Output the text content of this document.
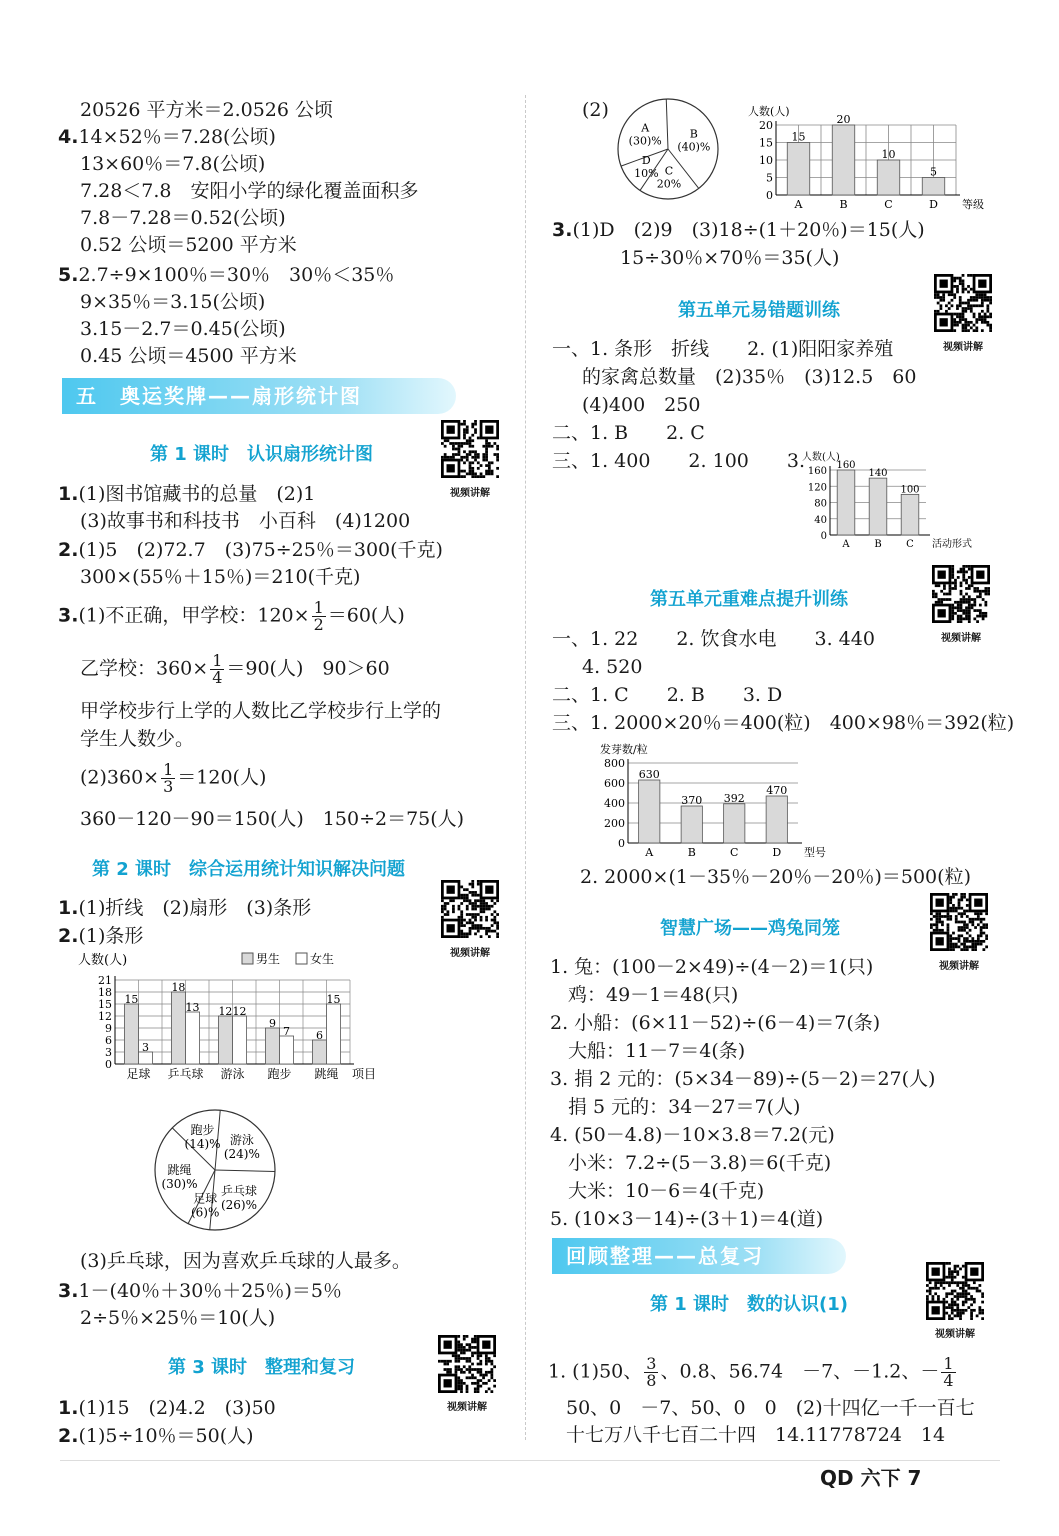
20526 平方米＝2.0526 公顷
4.14×52％＝7.28(公顷)
13×60％＝7.8(公顷)
7.28＜7.8　安阳小学的绿化覆盖面积多
7.8－7.28＝0.52(公顷)
0.52 公顷＝5200 平方米
5.2.7÷9×100％＝30％　30％＜35％
9×35％＝3.15(公顷)
3.15－2.7＝0.45(公顷)
0.45 公顷＝4500 平方米
五　奥运奖牌——扇形统计图
第 1 课时　认识扇形统计图
视频讲解
1.(1)图书馆藏书的总量　(2)1
(3)故事书和科技书　小百科　(4)1200
2.(1)5　(2)72.7　(3)75÷25％＝300(千克)
300×(55％＋15％)＝210(千克)
3.(1)不正确，甲学校：$120\times \frac{1}{2} =60$(人)
乙学校：$360\times \frac{1}{4} =90$(人)　90＞60
甲学校步行上学的人数比乙学校步行上学的
学生人数少。
$(2)360\times \frac{1}{3} =120$(人)
360－120－90＝150(人)　150÷2＝75(人)
第 2 课时　综合运用统计知识解决问题
1.(1)折线　(2)扇形　(3)条形
视频讲解
2.(1)条形
人数(人)	男生 女生
0
3
6
9
12
15
18
21
15
3
足球
18
13
乒乓球
12 12
游泳
9
7
跑步
6
15
跳绳 项目
游泳
(24)%
乒乓球
(26)%
足球
(6)%
跳绳
(30)%
跑步
(14)%
(3)乒乓球，因为喜欢乒乓球的人最多。
3.1－(40％＋30％＋25％)＝5％
2÷5％×25％＝10(人)
第 3 课时　整理和复习
视频讲解
1.(1)15　(2)4.2　(3)50
2.(1)5÷10％＝50(人)
(2)
A
(30)%
B
(40)%
C
20%
D
10%
人数(人)
0
5
10
15
20
15
A
20
B
10
C
5
D 等级
3.(1)D　(2)9　(3)18÷(1＋20％)＝15(人)
15÷30％×70％＝35(人)
第五单元易错题训练
视频讲解
一、1. 条形　折线　　2. (1)阳阳家养殖
的家禽总数量　(2)35％　(3)12.5　60
(4)400　250
二、1. B　　2. C
三、1. 400　　2. 100　　3.
人数(人)
0
40
80
120
160
160
A
140
B
100
C 活动形式
第五单元重难点提升训练
视频讲解
一、1. 22　　2. 饮食水电　　3. 440
4. 520
二、1. C　　2. B　　3. D
三、1. 2000×20％＝400(粒)　400×98％＝392(粒)
发芽数/粒
0
200
400
600
800
630
A
370
B
392
C
470
D 型号
2. 2000×(1－35％－20％－20％)＝500(粒)
智慧广场——鸡兔同笼
视频讲解
1. 兔：(100－2×49)÷(4－2)＝1(只)
鸡：49－1＝48(只)
2. 小船：(6×11－52)÷(6－4)＝7(条)
大船：11－7＝4(条)
3. 捐 2 元的：(5×34－89)÷(5－2)＝27(人)
捐 5 元的：34－27＝7(人)
4. (50－4.8)－10×3.8＝7.2(元)
小米：7.2÷(5－3.8)＝6(千克)
大米：10－6＝4(千克)
5. (10×3－14)÷(3＋1)＝4(道)
回顾整理——总复习
第 1 课时　数的认识(1)
视频讲解
1. (1)50、 $\frac{3}{8}$ 、0.8、56.74　－7、－1.2、－ $\frac{1}{4}$
50、0　－7、50、0　0　(2)十四亿一千一百七
十七万八千七百二十四　14.11778724　14
QD 六下 7
